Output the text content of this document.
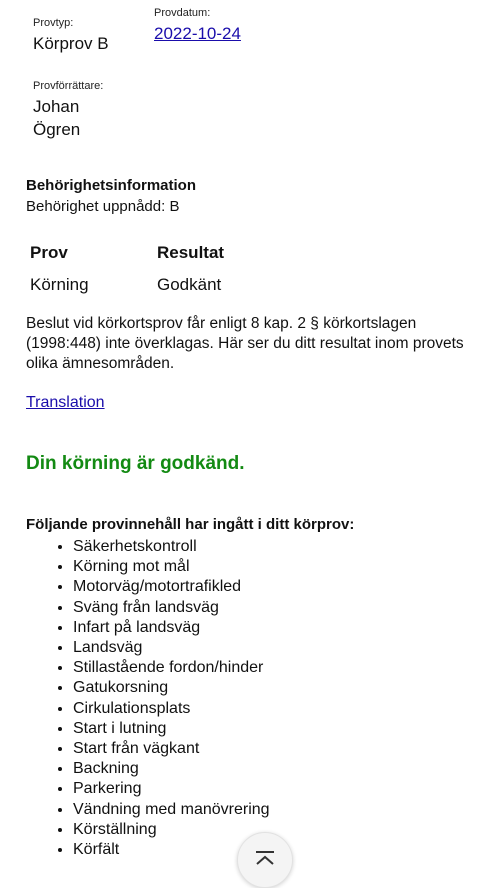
Provtyp:
Körprov B
Provdatum:
2022-10-24
Provförrättare:
Johan
Ögren
Behörighetsinformation
Behörighet uppnådd: B
Prov	Resultat
Körning	Godkänt
Beslut vid körkortsprov får enligt 8 kap. 2 § körkortslagen (1998:448) inte överklagas. Här ser du ditt resultat inom provets olika ämnesområden.
Translation
Din körning är godkänd.
Följande provinnehåll har ingått i ditt körprov:
• Säkerhetskontroll
• Körning mot mål
• Motorväg/motortrafikled
• Sväng från landsväg
• Infart på landsväg
• Landsväg
• Stillastående fordon/hinder
• Gatukorsning
• Cirkulationsplats
• Start i lutning
• Start från vägkant
• Backning
• Parkering
• Vändning med manövrering
• Körställning
• Körfält
